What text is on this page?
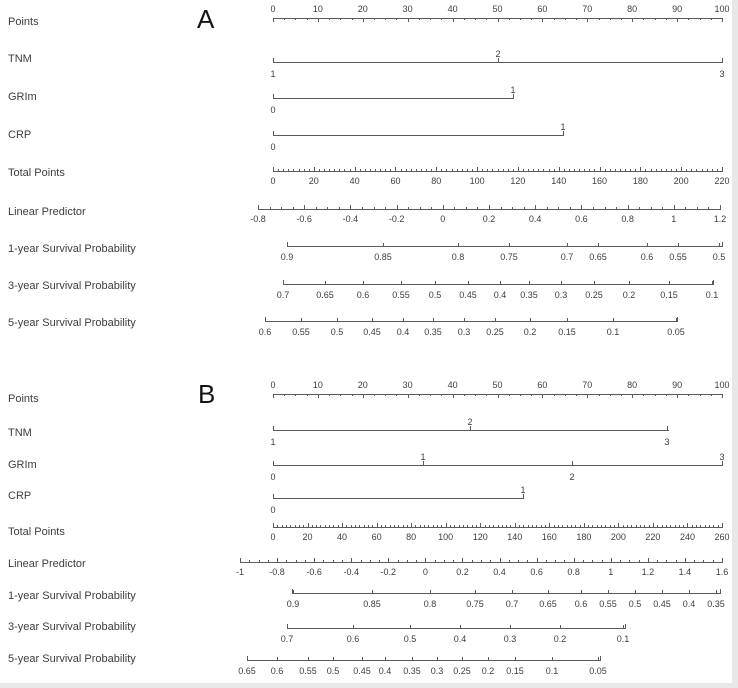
A
B
Points
0	10	20	30	40	50	60	70	80	90	100
TNM
1
2
3
GRIm
0
1
CRP
0
1
Total Points
0	20	40	60	80	100	120	140	160	180	200	220
Linear Predictor
-0.8	-0.6	-0.4	-0.2	0	0.2	0.4	0.6	0.8	1	1.2
1-year Survival Probability
0.9	0.85	0.8	0.75	0.7 0.65	0.6 0.55	0.5
3-year Survival Probability
0.7	0.65	0.6	0.55 0.5 0.45 0.4 0.35 0.3 0.25 0.2	0.15	0.1
5-year Survival Probability
0.6 0.55 0.5 0.45 0.4 0.35 0.3 0.25 0.2 0.15	0.1	0.05
Points
0	10	20	30	40	50	60	70	80	90	100
TNM
1
2
3
GRIm
0
1
2
3
CRP
0
1
Total Points	0	20	40	60	80 100 120 140 160 180 200 220 240 260
Linear Predictor
-1	-0.8 -0.6 -0.4 -0.2	0	0.2	0.4	0.6	0.8	1	1.2	1.4	1.6
1-year Survival Probability
0.9	0.85	0.8	0.75 0.7 0.65 0.6 0.55 0.5 0.45 0.4 0.35
3-year Survival Probability
0.7	0.6	0.5	0.4	0.3	0.2	0.1
5-year Survival Probability
0.65 0.6 0.55 0.5 0.45 0.4 0.35 0.3 0.25 0.2 0.15 0.1	0.05
